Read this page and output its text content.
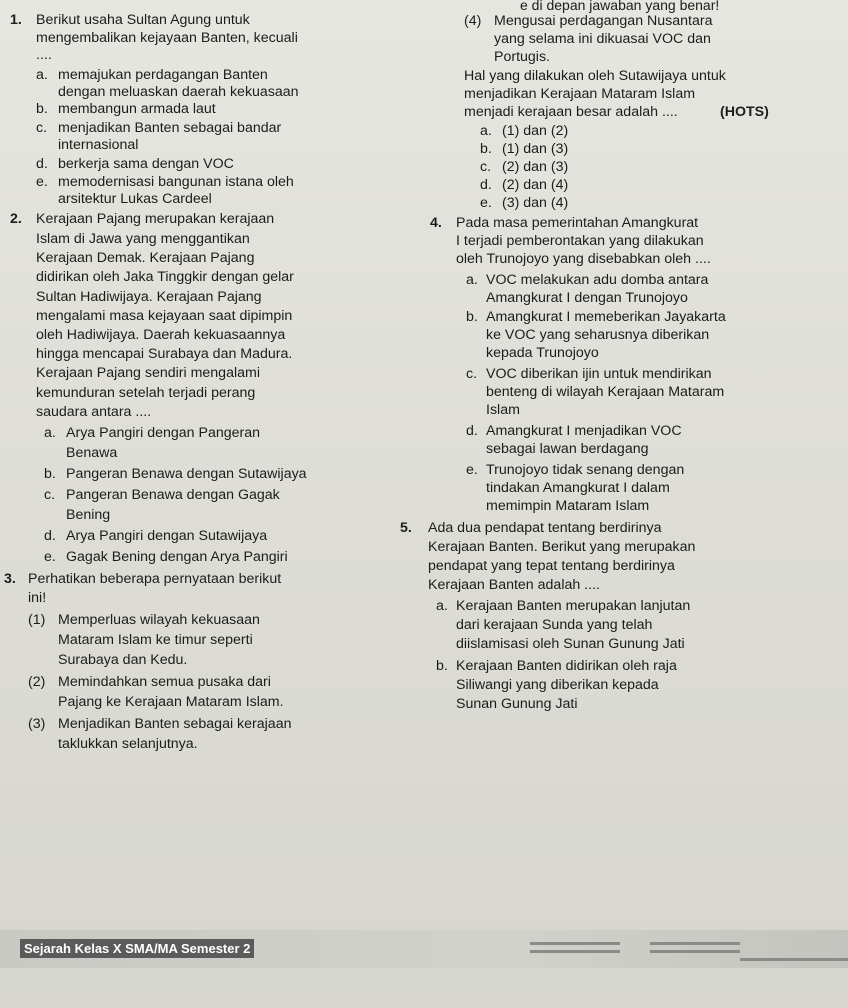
e di depan jawaban yang benar!
1. Berikut usaha Sultan Agung untuk
mengembalikan kejayaan Banten, kecuali
....
a. memajukan perdagangan Banten
dengan meluaskan daerah kekuasaan
b. membangun armada laut
c. menjadikan Banten sebagai bandar
internasional
d. berkerja sama dengan VOC
e. memodernisasi bangunan istana oleh
arsitektur Lukas Cardeel
2. Kerajaan Pajang merupakan kerajaan
Islam di Jawa yang menggantikan
Kerajaan Demak. Kerajaan Pajang
didirikan oleh Jaka Tinggkir dengan gelar
Sultan Hadiwijaya. Kerajaan Pajang
mengalami masa kejayaan saat dipimpin
oleh Hadiwijaya. Daerah kekuasaannya
hingga mencapai Surabaya dan Madura.
Kerajaan Pajang sendiri mengalami
kemunduran setelah terjadi perang
saudara antara ....
a. Arya Pangiri dengan Pangeran
Benawa
b. Pangeran Benawa dengan Sutawijaya
c. Pangeran Benawa dengan Gagak
Bening
d. Arya Pangiri dengan Sutawijaya
e. Gagak Bening dengan Arya Pangiri
3. Perhatikan beberapa pernyataan berikut
ini!
(1) Memperluas wilayah kekuasaan
Mataram Islam ke timur seperti
Surabaya dan Kedu.
(2) Memindahkan semua pusaka dari
Pajang ke Kerajaan Mataram Islam.
(3) Menjadikan Banten sebagai kerajaan
taklukkan selanjutnya.
(4) Mengusai perdagangan Nusantara
yang selama ini dikuasai VOC dan
Portugis.
Hal yang dilakukan oleh Sutawijaya untuk
menjadikan Kerajaan Mataram Islam
menjadi kerajaan besar adalah ....	(HOTS)
a. (1) dan (2)
b. (1) dan (3)
c. (2) dan (3)
d. (2) dan (4)
e. (3) dan (4)
4. Pada masa pemerintahan Amangkurat
I terjadi pemberontakan yang dilakukan
oleh Trunojoyo yang disebabkan oleh ....
a. VOC melakukan adu domba antara
Amangkurat I dengan Trunojoyo
b. Amangkurat I memeberikan Jayakarta
ke VOC yang seharusnya diberikan
kepada Trunojoyo
c. VOC diberikan ijin untuk mendirikan
benteng di wilayah Kerajaan Mataram
Islam
d. Amangkurat I menjadikan VOC
sebagai lawan berdagang
e. Trunojoyo tidak senang dengan
tindakan Amangkurat I dalam
memimpin Mataram Islam
5. Ada dua pendapat tentang berdirinya
Kerajaan Banten. Berikut yang merupakan
pendapat yang tepat tentang berdirinya
Kerajaan Banten adalah ....
a. Kerajaan Banten merupakan lanjutan
dari kerajaan Sunda yang telah
diislamisasi oleh Sunan Gunung Jati
b. Kerajaan Banten didirikan oleh raja
Siliwangi yang diberikan kepada
Sunan Gunung Jati
Sejarah Kelas X SMA/MA Semester 2
